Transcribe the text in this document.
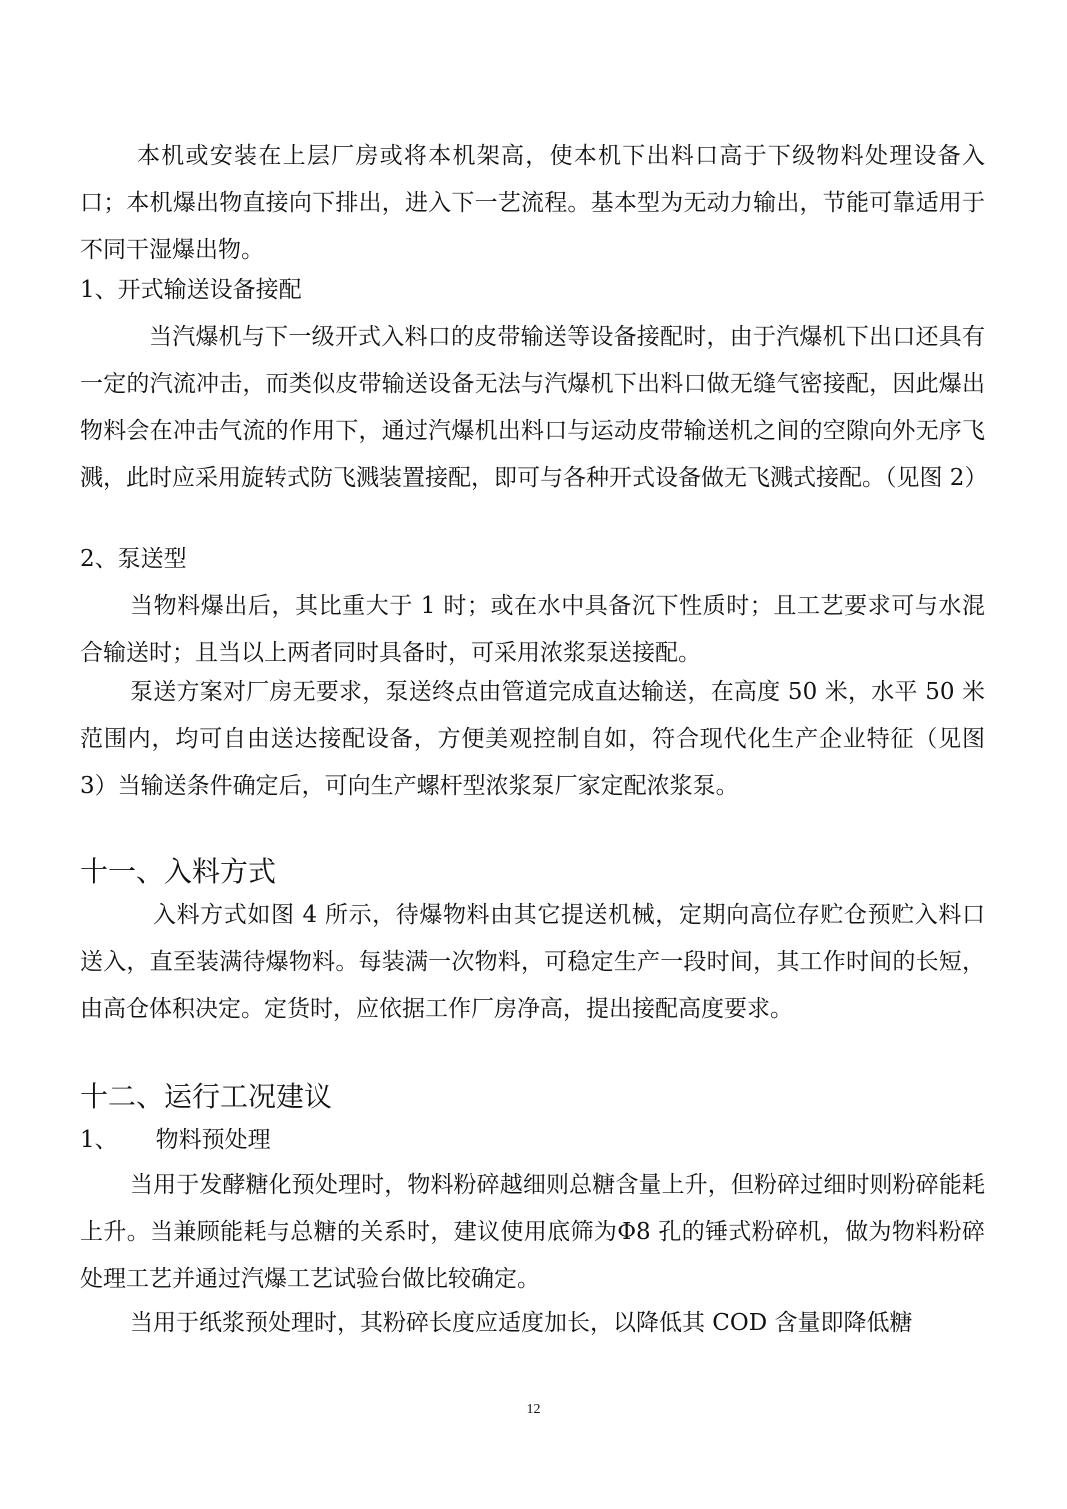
本机或安装在上层厂房或将本机架高，使本机下出料口高于下级物料处理设备入口；本机爆出物直接向下排出，进入下一艺流程。基本型为无动力输出，节能可靠适用于不同干湿爆出物。

1、开式输送设备接配

当汽爆机与下一级开式入料口的皮带输送等设备接配时，由于汽爆机下出口还具有一定的汽流冲击，而类似皮带输送设备无法与汽爆机下出料口做无缝气密接配，因此爆出物料会在冲击气流的作用下，通过汽爆机出料口与运动皮带输送机之间的空隙向外无序飞溅，此时应采用旋转式防飞溅装置接配，即可与各种开式设备做无飞溅式接配。（见图 2）

2、泵送型

当物料爆出后，其比重大于 1 时；或在水中具备沉下性质时；且工艺要求可与水混合输送时；且当以上两者同时具备时，可采用浓浆泵送接配。

泵送方案对厂房无要求，泵送终点由管道完成直达输送，在高度 50 米，水平 50 米范围内，均可自由送达接配设备，方便美观控制自如，符合现代化生产企业特征（见图 3）当输送条件确定后，可向生产螺杆型浓浆泵厂家定配浓浆泵。

十一、入料方式

入料方式如图 4 所示，待爆物料由其它提送机械，定期向高位存贮仓预贮入料口送入，直至装满待爆物料。每装满一次物料，可稳定生产一段时间，其工作时间的长短，由高仓体积决定。定货时，应依据工作厂房净高，提出接配高度要求。

十二、运行工况建议

1、 物料预处理

当用于发酵糖化预处理时，物料粉碎越细则总糖含量上升，但粉碎过细时则粉碎能耗上升。当兼顾能耗与总糖的关系时，建议使用底筛为Φ8 孔的锤式粉碎机，做为物料粉碎处理工艺并通过汽爆工艺试验台做比较确定。

当用于纸浆预处理时，其粉碎长度应适度加长，以降低其 COD 含量即降低糖

12
